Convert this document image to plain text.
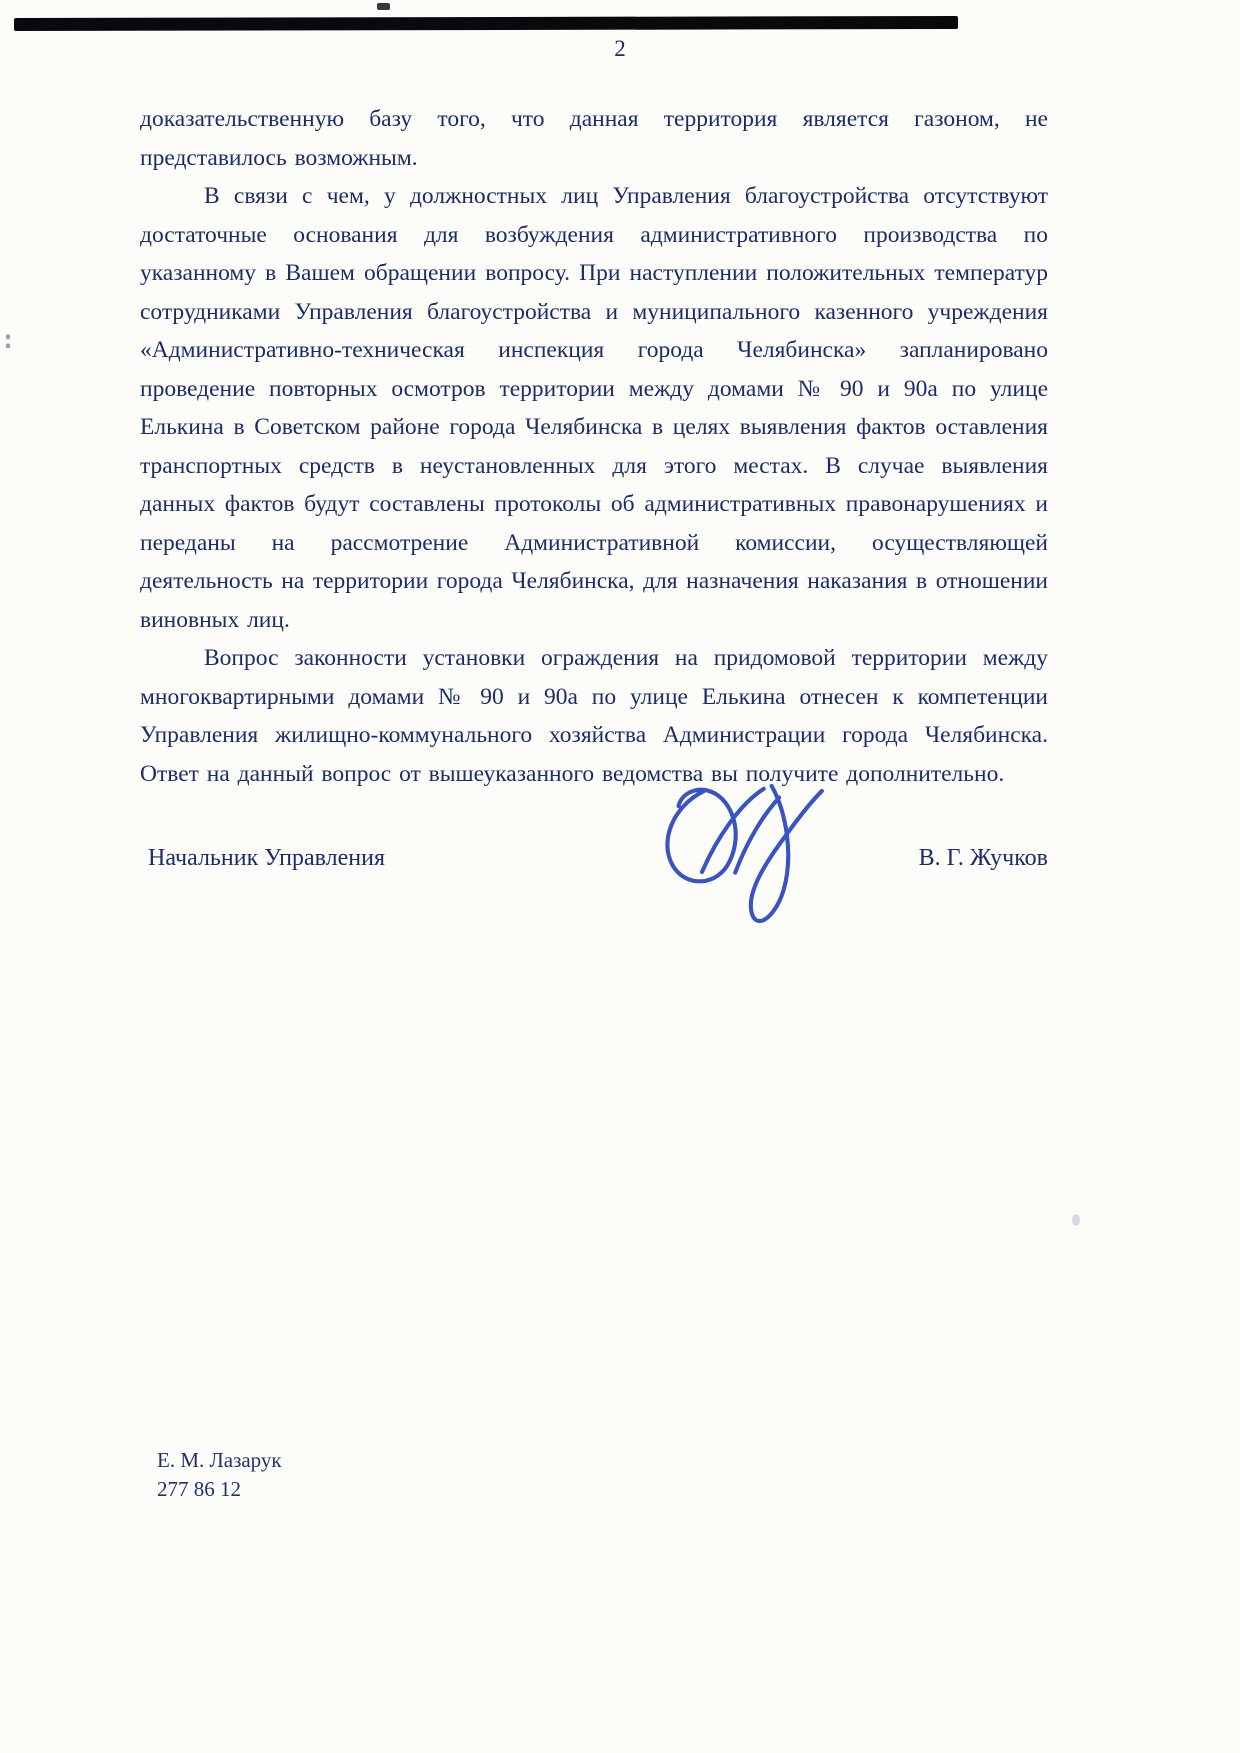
2

доказательственную базу того, что данная территория является газоном, не представилось возможным.

В связи с чем, у должностных лиц Управления благоустройства отсутствуют достаточные основания для возбуждения административного производства по указанному в Вашем обращении вопросу. При наступлении положительных температур сотрудниками Управления благоустройства и муниципального казенного учреждения «Административно-техническая инспекция города Челябинска» запланировано проведение повторных осмотров территории между домами № 90 и 90а по улице Елькина в Советском районе города Челябинска в целях выявления фактов оставления транспортных средств в неустановленных для этого местах. В случае выявления данных фактов будут составлены протоколы об административных правонарушениях и переданы на рассмотрение Административной комиссии, осуществляющей деятельность на территории города Челябинска, для назначения наказания в отношении виновных лиц.

Вопрос законности установки ограждения на придомовой территории между многоквартирными домами № 90 и 90а по улице Елькина отнесен к компетенции Управления жилищно-коммунального хозяйства Администрации города Челябинска. Ответ на данный вопрос от вышеуказанного ведомства вы получите дополнительно.

Начальник Управления	В. Г. Жучков
Е. М. Лазарук
277 86 12
